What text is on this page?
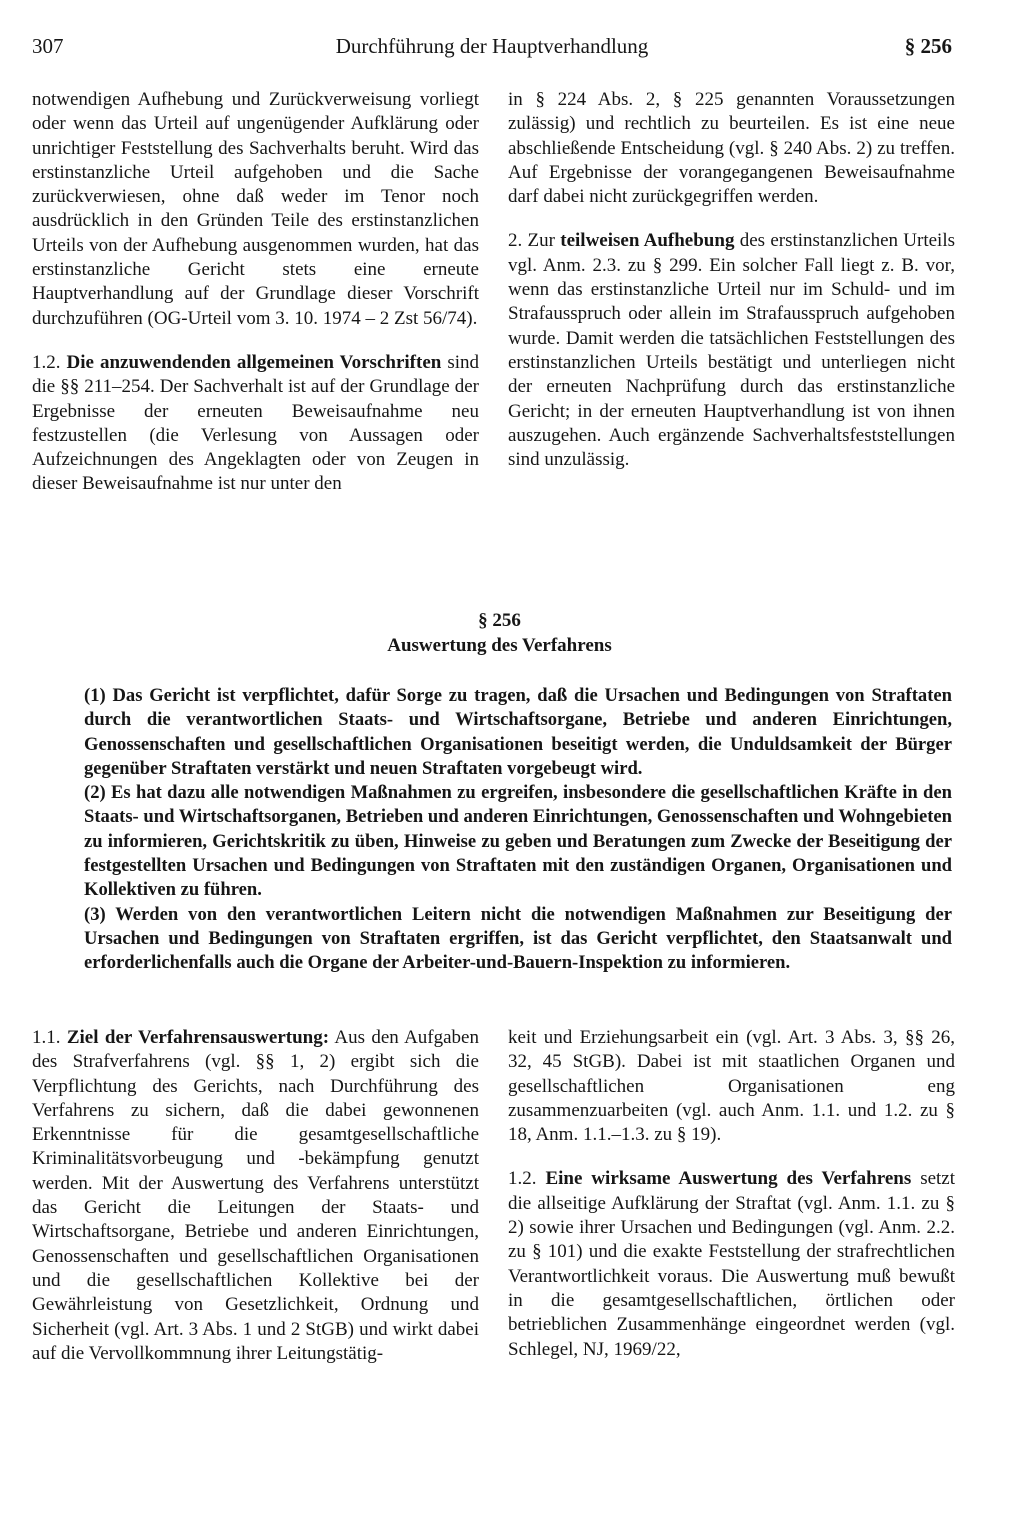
307	Durchführung der Hauptverhandlung	§ 256

notwendigen Aufhebung und Zurückverweisung vorliegt oder wenn das Urteil auf ungenügender Aufklärung oder unrichtiger Feststellung des Sachverhalts beruht. Wird das erstinstanzliche Urteil aufgehoben und die Sache zurückverwiesen, ohne daß weder im Tenor noch ausdrücklich in den Gründen Teile des erstinstanzlichen Urteils von der Aufhebung ausgenommen wurden, hat das erstinstanzliche Gericht stets eine erneute Hauptverhandlung auf der Grundlage dieser Vorschrift durchzuführen (OG-Urteil vom 3. 10. 1974 – 2 Zst 56/74).

1.2. Die anzuwendenden allgemeinen Vorschriften sind die §§ 211–254. Der Sachverhalt ist auf der Grundlage der Ergebnisse der erneuten Beweisaufnahme neu festzustellen (die Verlesung von Aussagen oder Aufzeichnungen des Angeklagten oder von Zeugen in dieser Beweisaufnahme ist nur unter den

in § 224 Abs. 2, § 225 genannten Voraussetzungen zulässig) und rechtlich zu beurteilen. Es ist eine neue abschließende Entscheidung (vgl. § 240 Abs. 2) zu treffen. Auf Ergebnisse der vorangegangenen Beweisaufnahme darf dabei nicht zurückgegriffen werden.

2. Zur teilweisen Aufhebung des erstinstanzlichen Urteils vgl. Anm. 2.3. zu § 299. Ein solcher Fall liegt z. B. vor, wenn das erstinstanzliche Urteil nur im Schuld- und im Strafausspruch oder allein im Strafausspruch aufgehoben wurde. Damit werden die tatsächlichen Feststellungen des erstinstanzlichen Urteils bestätigt und unterliegen nicht der erneuten Nachprüfung durch das erstinstanzliche Gericht; in der erneuten Hauptverhandlung ist von ihnen auszugehen. Auch ergänzende Sachverhaltsfeststellungen sind unzulässig.

§ 256
Auswertung des Verfahrens

(1) Das Gericht ist verpflichtet, dafür Sorge zu tragen, daß die Ursachen und Bedingungen von Straftaten durch die verantwortlichen Staats- und Wirtschaftsorgane, Betriebe und anderen Einrichtungen, Genossenschaften und gesellschaftlichen Organisationen beseitigt werden, die Unduldsamkeit der Bürger gegenüber Straftaten verstärkt und neuen Straftaten vorgebeugt wird.

(2) Es hat dazu alle notwendigen Maßnahmen zu ergreifen, insbesondere die gesellschaftlichen Kräfte in den Staats- und Wirtschaftsorganen, Betrieben und anderen Einrichtungen, Genossenschaften und Wohngebieten zu informieren, Gerichtskritik zu üben, Hinweise zu geben und Beratungen zum Zwecke der Beseitigung der festgestellten Ursachen und Bedingungen von Straftaten mit den zuständigen Organen, Organisationen und Kollektiven zu führen.

(3) Werden von den verantwortlichen Leitern nicht die notwendigen Maßnahmen zur Beseitigung der Ursachen und Bedingungen von Straftaten ergriffen, ist das Gericht verpflichtet, den Staatsanwalt und erforderlichenfalls auch die Organe der Arbeiter-und-Bauern-Inspektion zu informieren.

1.1. Ziel der Verfahrensauswertung: Aus den Aufgaben des Strafverfahrens (vgl. §§ 1, 2) ergibt sich die Verpflichtung des Gerichts, nach Durchführung des Verfahrens zu sichern, daß die dabei gewonnenen Erkenntnisse für die gesamtgesellschaftliche Kriminalitätsvorbeugung und -bekämpfung genutzt werden. Mit der Auswertung des Verfahrens unterstützt das Gericht die Leitungen der Staats- und Wirtschaftsorgane, Betriebe und anderen Einrichtungen, Genossenschaften und gesellschaftlichen Organisationen und die gesellschaftlichen Kollektive bei der Gewährleistung von Gesetzlichkeit, Ordnung und Sicherheit (vgl. Art. 3 Abs. 1 und 2 StGB) und wirkt dabei auf die Vervollkommnung ihrer Leitungstätig-

keit und Erziehungsarbeit ein (vgl. Art. 3 Abs. 3, §§ 26, 32, 45 StGB). Dabei ist mit staatlichen Organen und gesellschaftlichen Organisationen eng zusammenzuarbeiten (vgl. auch Anm. 1.1. und 1.2. zu § 18, Anm. 1.1.–1.3. zu § 19).

1.2. Eine wirksame Auswertung des Verfahrens setzt die allseitige Aufklärung der Straftat (vgl. Anm. 1.1. zu § 2) sowie ihrer Ursachen und Bedingungen (vgl. Anm. 2.2. zu § 101) und die exakte Feststellung der strafrechtlichen Verantwortlichkeit voraus. Die Auswertung muß bewußt in die gesamtgesellschaftlichen, örtlichen oder betrieblichen Zusammenhänge eingeordnet werden (vgl. Schlegel, NJ, 1969/22,
